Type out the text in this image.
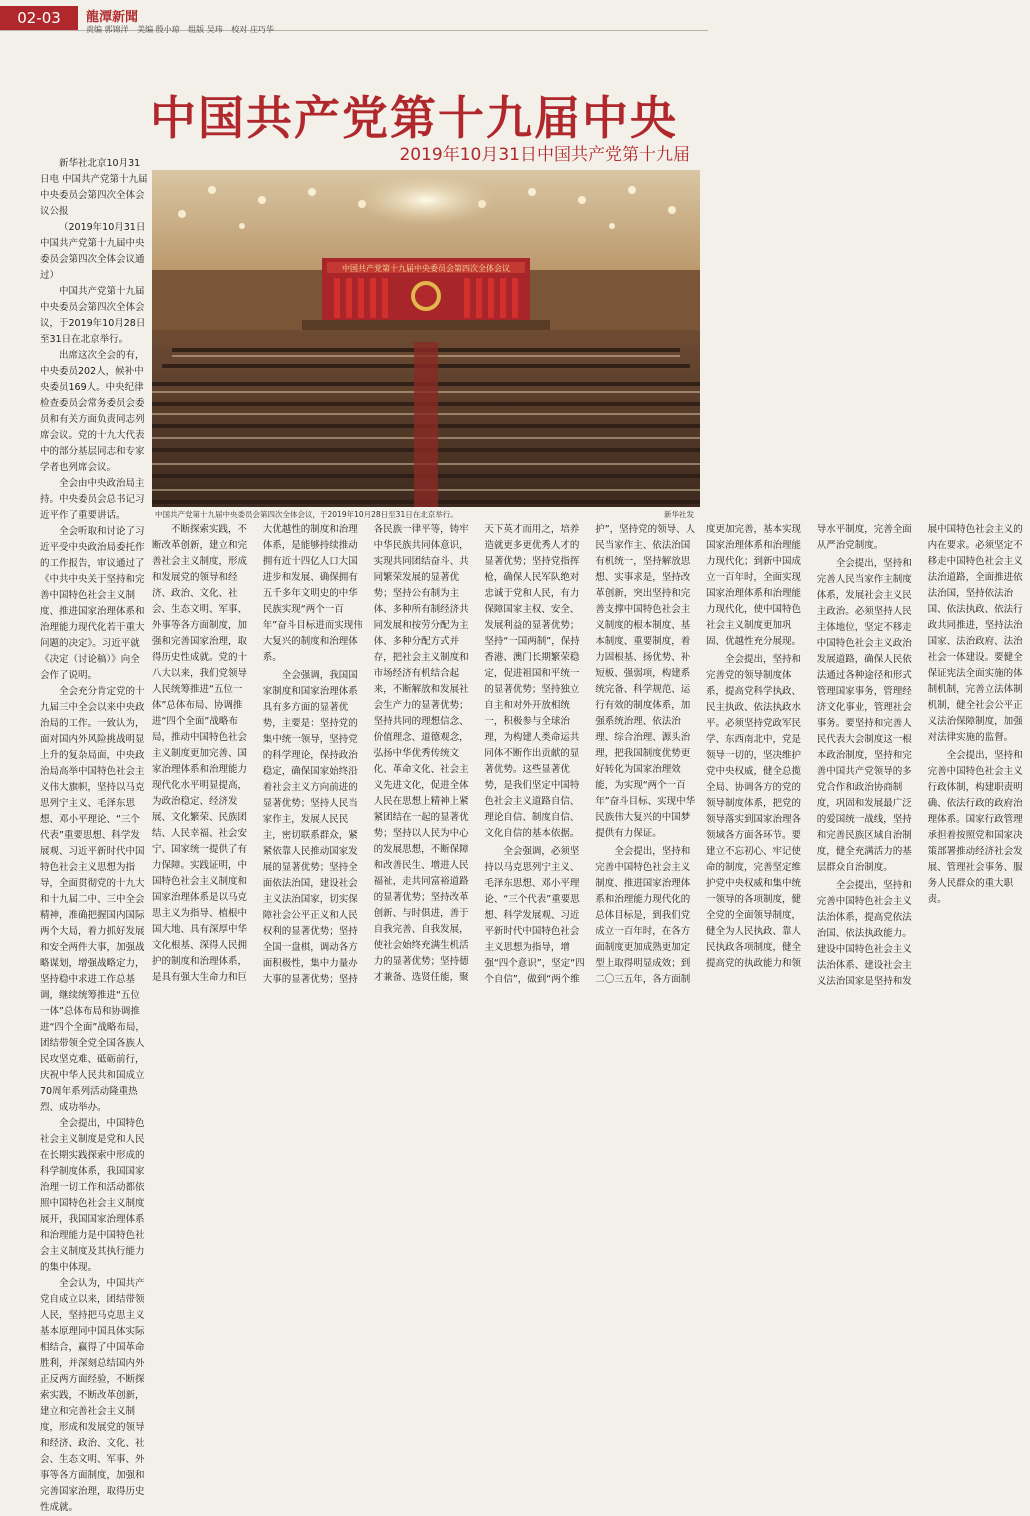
02-03	龍潭新聞
责编 郭锦洋 美编 殷小琼 组版 吴玮 校对 庄巧华
中国共产党第十九届中央
2019年10月31日中国共产党第十九届

新华社北京10月31日电 中国共产党第十九届中央委员会第四次全体会议公报

（2019年10月31日中国共产党第十九届中央委员会第四次全体会议通过）

中国共产党第十九届中央委员会第四次全体会议，于2019年10月28日至31日在北京举行。

出席这次全会的有，中央委员202人，候补中央委员169人。中央纪律检查委员会常务委员会委员和有关方面负责同志列席会议。党的十九大代表中的部分基层同志和专家学者也列席会议。

全会由中央政治局主持。中央委员会总书记习近平作了重要讲话。

全会听取和讨论了习近平受中央政治局委托作的工作报告，审议通过了《中共中央关于坚持和完善中国特色社会主义制度、推进国家治理体系和治理能力现代化若干重大问题的决定》。习近平就《决定（讨论稿）》向全会作了说明。

全会充分肯定党的十九届三中全会以来中央政治局的工作。一致认为，面对国内外风险挑战明显上升的复杂局面，中央政治局高举中国特色社会主义伟大旗帜，坚持以马克思列宁主义、毛泽东思想、邓小平理论、“三个代表”重要思想、科学发展观、习近平新时代中国特色社会主义思想为指导，全面贯彻党的十九大和十九届二中、三中全会精神，准确把握国内国际两个大局，着力抓好发展和安全两件大事，加强战略谋划，增强战略定力，坚持稳中求进工作总基调，继续统筹推进“五位一体”总体布局和协调推进“四个全面”战略布局，团结带领全党全国各族人民攻坚克难、砥砺前行，庆祝中华人民共和国成立70周年系列活动隆重热烈、成功举办。

全会提出，中国特色社会主义制度是党和人民在长期实践探索中形成的科学制度体系，我国国家治理一切工作和活动都依照中国特色社会主义制度展开，我国国家治理体系和治理能力是中国特色社会主义制度及其执行能力的集中体现。

全会认为，中国共产党自成立以来，团结带领人民，坚持把马克思主义基本原理同中国具体实际相结合，赢得了中国革命胜利，并深刻总结国内外正反两方面经验，不断探索实践，不断改革创新，建立和完善社会主义制度，形成和发展党的领导和经济、政治、文化、社会、生态文明、军事、外事等各方面制度，加强和完善国家治理，取得历史性成就。

中国共产党第十九届中央委员会第四次全体会议
中国共产党第十九届中央委员会第四次全体会议，于2019年10月28日至31日在北京举行。	新华社发

不断探索实践，不断改革创新，建立和完善社会主义制度，形成和发展党的领导和经济、政治、文化、社会、生态文明、军事、外事等各方面制度，加强和完善国家治理，取得历史性成就。党的十八大以来，我们党领导人民统筹推进“五位一体”总体布局、协调推进“四个全面”战略布局，推动中国特色社会主义制度更加完善、国家治理体系和治理能力现代化水平明显提高，为政治稳定、经济发展、文化繁荣、民族团结、人民幸福、社会安宁、国家统一提供了有力保障。实践证明，中国特色社会主义制度和国家治理体系是以马克思主义为指导、植根中国大地、具有深厚中华文化根基、深得人民拥护的制度和治理体系，是具有强大生命力和巨大优越性的制度和治理体系，是能够持续推动拥有近十四亿人口大国进步和发展、确保拥有五千多年文明史的中华民族实现“两个一百年”奋斗目标进而实现伟大复兴的制度和治理体系。

全会强调，我国国家制度和国家治理体系具有多方面的显著优势，主要是：坚持党的集中统一领导，坚持党的科学理论，保持政治稳定，确保国家始终沿着社会主义方向前进的显著优势；坚持人民当家作主，发展人民民主，密切联系群众，紧紧依靠人民推动国家发展的显著优势；坚持全面依法治国，建设社会主义法治国家，切实保障社会公平正义和人民权利的显著优势；坚持全国一盘棋，调动各方面积极性，集中力量办大事的显著优势；坚持各民族一律平等，铸牢中华民族共同体意识，实现共同团结奋斗、共同繁荣发展的显著优势；坚持公有制为主体、多种所有制经济共同发展和按劳分配为主体、多种分配方式并存，把社会主义制度和市场经济有机结合起来，不断解放和发展社会生产力的显著优势；坚持共同的理想信念、价值理念、道德观念，弘扬中华优秀传统文化、革命文化、社会主义先进文化，促进全体人民在思想上精神上紧紧团结在一起的显著优势；坚持以人民为中心的发展思想，不断保障和改善民生、增进人民福祉，走共同富裕道路的显著优势；坚持改革创新、与时俱进，善于自我完善、自我发展，使社会始终充满生机活力的显著优势；坚持德才兼备、选贤任能，聚天下英才而用之，培养造就更多更优秀人才的显著优势；坚持党指挥枪，确保人民军队绝对忠诚于党和人民，有力保障国家主权、安全、发展利益的显著优势；坚持“一国两制”，保持香港、澳门长期繁荣稳定，促进祖国和平统一的显著优势；坚持独立自主和对外开放相统一，积极参与全球治理，为构建人类命运共同体不断作出贡献的显著优势。这些显著优势，是我们坚定中国特色社会主义道路自信、理论自信、制度自信、文化自信的基本依据。

全会强调，必须坚持以马克思列宁主义、毛泽东思想、邓小平理论、“三个代表”重要思想、科学发展观、习近平新时代中国特色社会主义思想为指导，增强“四个意识”，坚定“四个自信”，做到“两个维护”，坚持党的领导、人民当家作主、依法治国有机统一，坚持解放思想、实事求是，坚持改革创新，突出坚持和完善支撑中国特色社会主义制度的根本制度、基本制度、重要制度，着力固根基、扬优势、补短板、强弱项，构建系统完备、科学规范、运行有效的制度体系，加强系统治理、依法治理、综合治理、源头治理，把我国制度优势更好转化为国家治理效能，为实现“两个一百年”奋斗目标、实现中华民族伟大复兴的中国梦提供有力保证。

全会提出，坚持和完善中国特色社会主义制度、推进国家治理体系和治理能力现代化的总体目标是，到我们党成立一百年时，在各方面制度更加成熟更加定型上取得明显成效；到二〇三五年，各方面制度更加完善，基本实现国家治理体系和治理能力现代化；到新中国成立一百年时，全面实现国家治理体系和治理能力现代化，使中国特色社会主义制度更加巩固、优越性充分展现。

全会提出，坚持和完善党的领导制度体系，提高党科学执政、民主执政、依法执政水平。必须坚持党政军民学、东西南北中，党是领导一切的，坚决维护党中央权威，健全总揽全局、协调各方的党的领导制度体系，把党的领导落实到国家治理各领域各方面各环节。要建立不忘初心、牢记使命的制度，完善坚定维护党中央权威和集中统一领导的各项制度，健全党的全面领导制度，健全为人民执政、靠人民执政各项制度，健全提高党的执政能力和领导水平制度，完善全面从严治党制度。

全会提出，坚持和完善人民当家作主制度体系，发展社会主义民主政治。必须坚持人民主体地位，坚定不移走中国特色社会主义政治发展道路，确保人民依法通过各种途径和形式管理国家事务，管理经济文化事业，管理社会事务。要坚持和完善人民代表大会制度这一根本政治制度，坚持和完善中国共产党领导的多党合作和政治协商制度，巩固和发展最广泛的爱国统一战线，坚持和完善民族区域自治制度，健全充满活力的基层群众自治制度。

全会提出，坚持和完善中国特色社会主义法治体系，提高党依法治国、依法执政能力。建设中国特色社会主义法治体系、建设社会主义法治国家是坚持和发展中国特色社会主义的内在要求。必须坚定不移走中国特色社会主义法治道路，全面推进依法治国，坚持依法治国、依法执政、依法行政共同推进，坚持法治国家、法治政府、法治社会一体建设。要健全保证宪法全面实施的体制机制，完善立法体制机制，健全社会公平正义法治保障制度，加强对法律实施的监督。

全会提出，坚持和完善中国特色社会主义行政体制，构建职责明确、依法行政的政府治理体系。国家行政管理承担着按照党和国家决策部署推动经济社会发展、管理社会事务、服务人民群众的重大职责。
